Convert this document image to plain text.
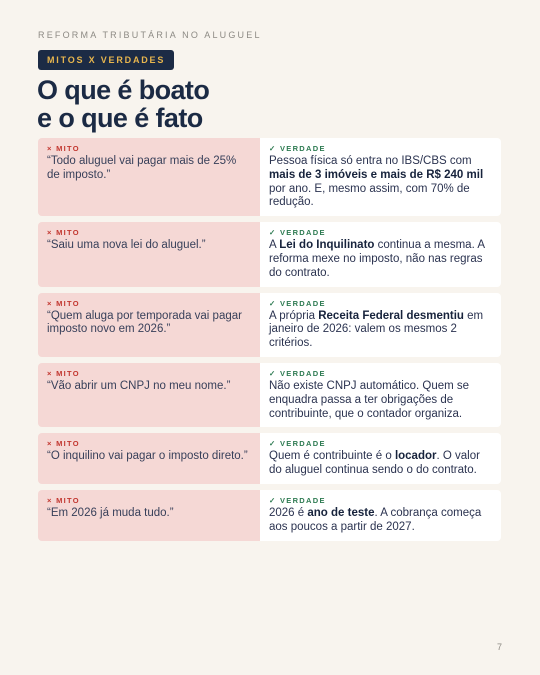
REFORMA TRIBUTÁRIA NO ALUGUEL
MITOS X VERDADES
O que é boato
e o que é fato
× MITO
“Todo aluguel vai pagar mais de 25% de imposto.”
✓ VERDADE
Pessoa física só entra no IBS/CBS com mais de 3 imóveis e mais de R$ 240 mil por ano. E, mesmo assim, com 70% de redução.
× MITO
“Saiu uma nova lei do aluguel.”
✓ VERDADE
A Lei do Inquilinato continua a mesma. A reforma mexe no imposto, não nas regras do contrato.
× MITO
“Quem aluga por temporada vai pagar imposto novo em 2026.”
✓ VERDADE
A própria Receita Federal desmentiu em janeiro de 2026: valem os mesmos 2 critérios.
× MITO
“Vão abrir um CNPJ no meu nome.”
✓ VERDADE
Não existe CNPJ automático. Quem se enquadra passa a ter obrigações de contribuinte, que o contador organiza.
× MITO
“O inquilino vai pagar o imposto direto.”
✓ VERDADE
Quem é contribuinte é o locador. O valor do aluguel continua sendo o do contrato.
× MITO
“Em 2026 já muda tudo.”
✓ VERDADE
2026 é ano de teste. A cobrança começa aos poucos a partir de 2027.
7
